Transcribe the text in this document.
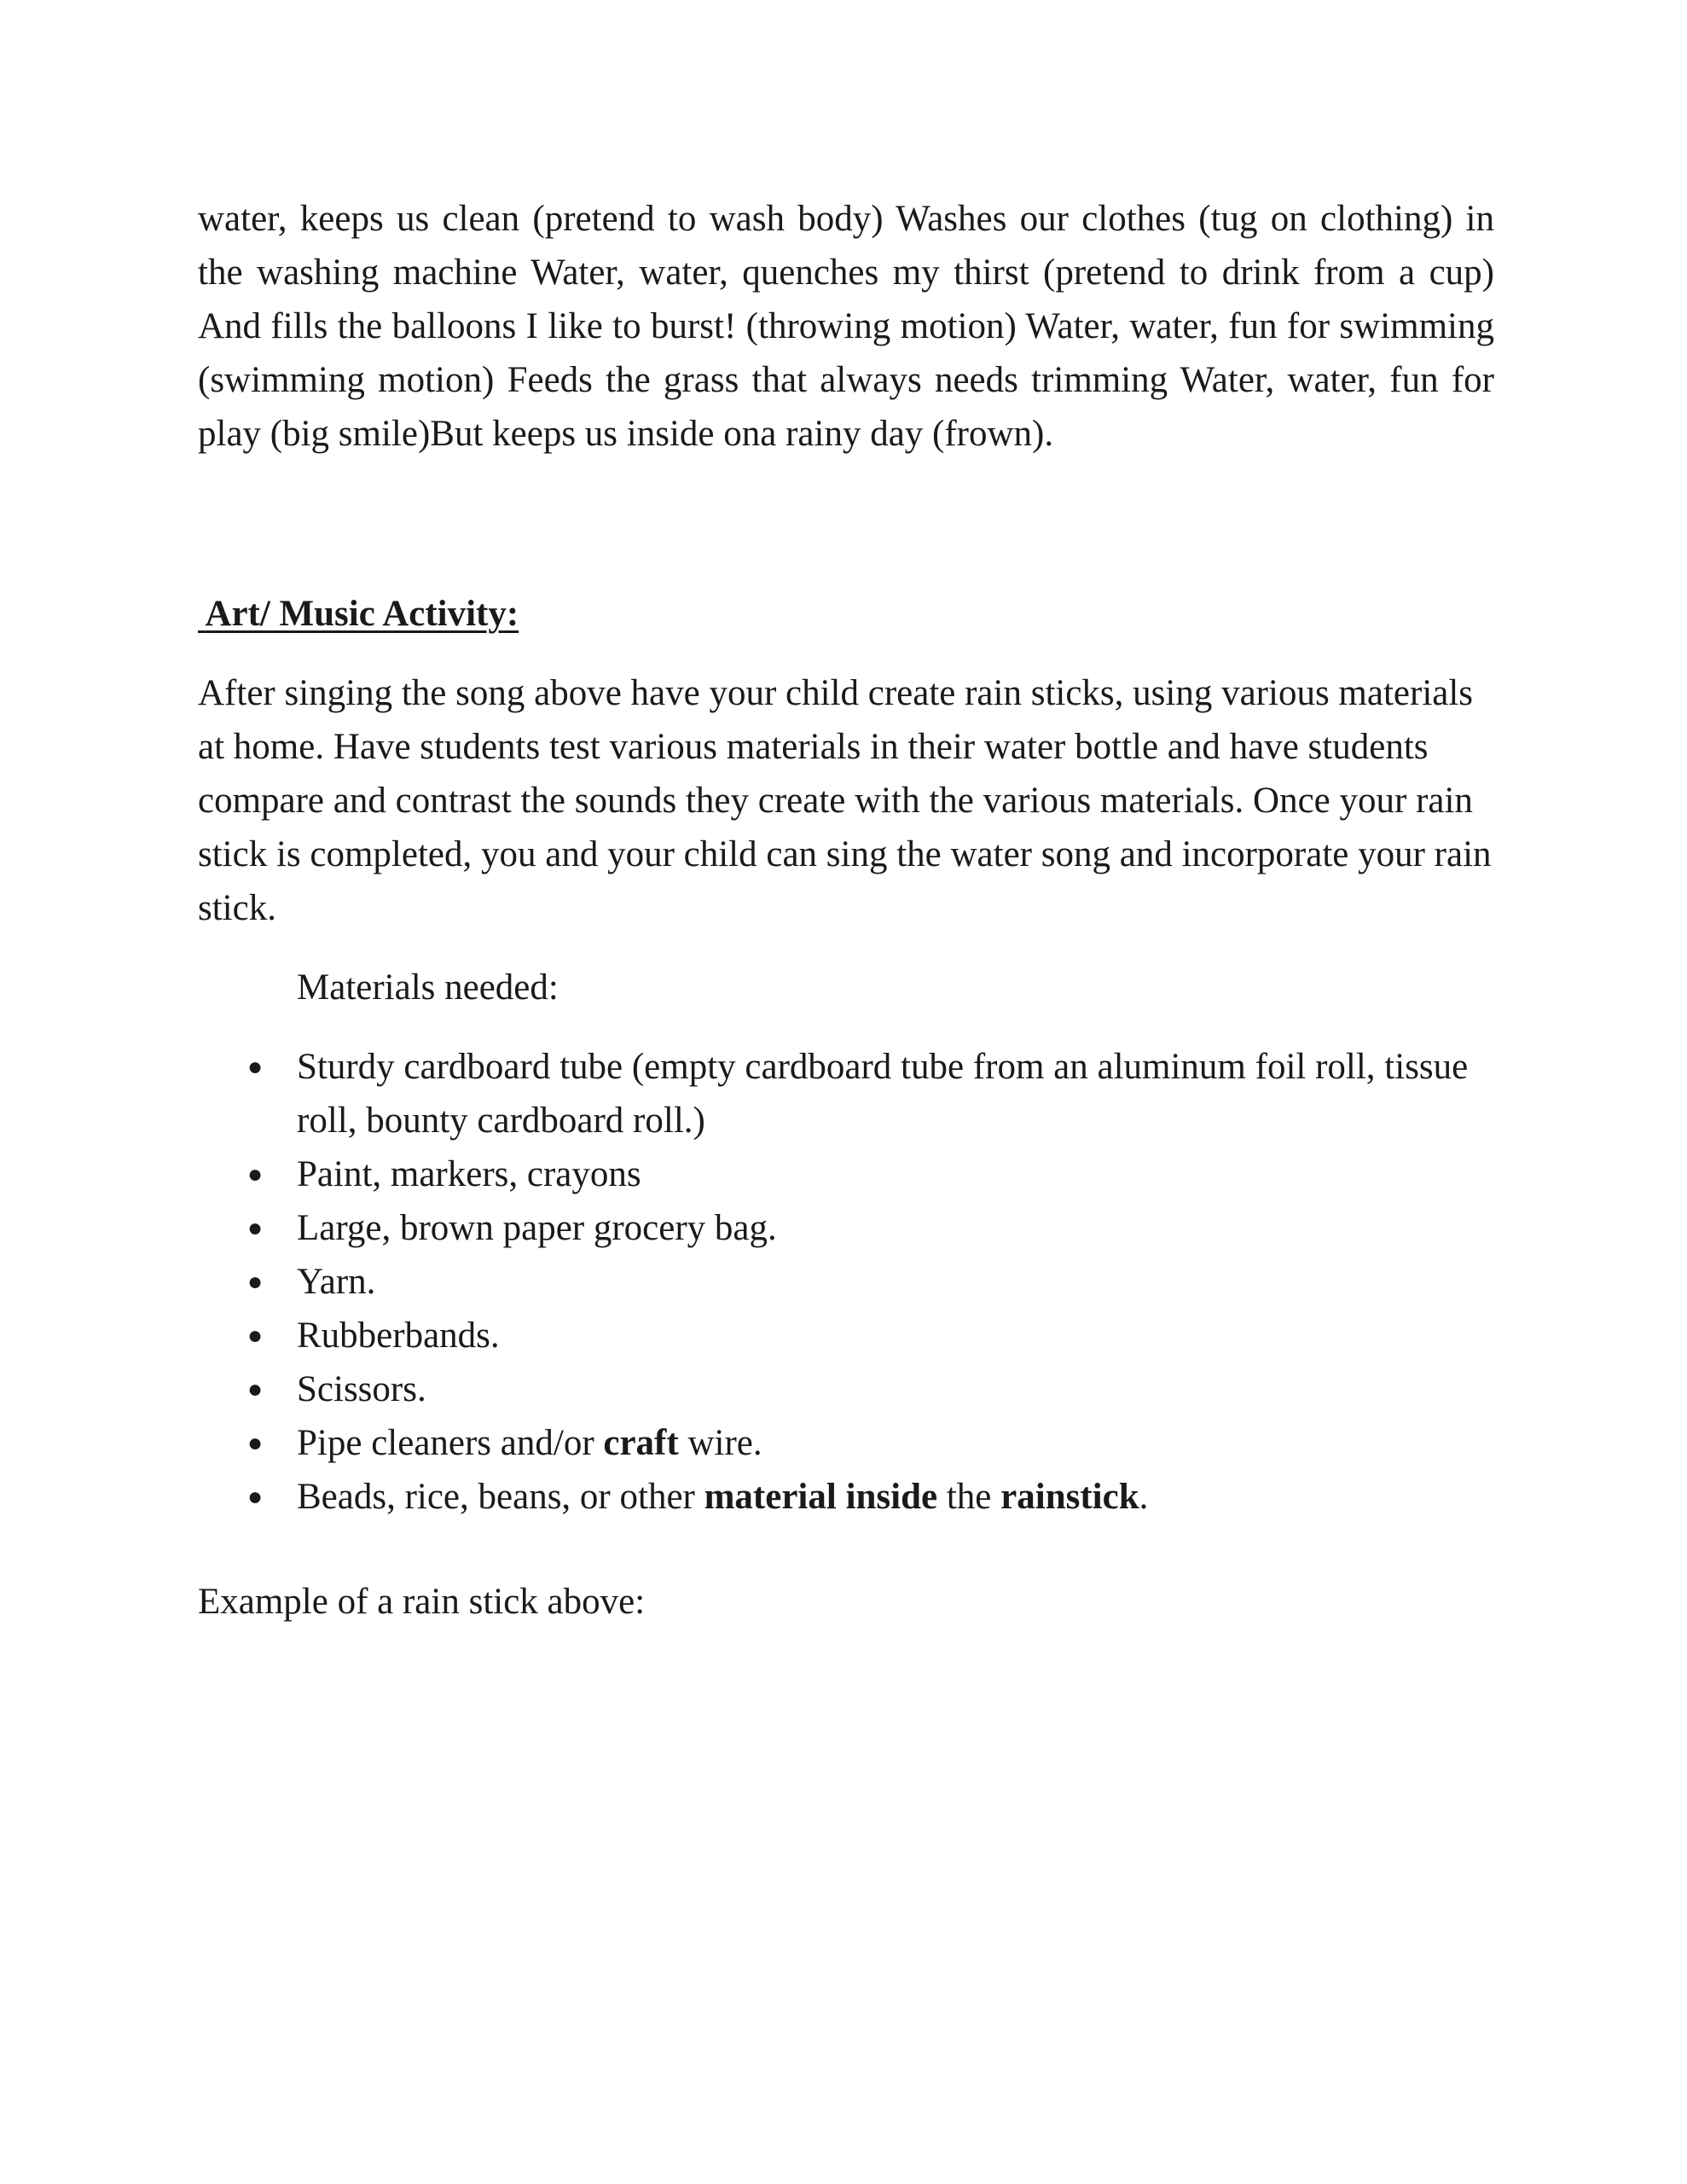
water, keeps us clean (pretend to wash body) Washes our clothes (tug on clothing) in the washing machine Water, water, quenches my thirst (pretend to drink from a cup) And fills the balloons I like to burst! (throwing motion) Water, water, fun for swimming (swimming motion) Feeds the grass that always needs trimming Water, water, fun for play (big smile)But keeps us inside ona rainy day (frown).

Art/ Music Activity:

After singing the song above have your child create rain sticks, using various materials at home. Have students test various materials in their water bottle and have students compare and contrast the sounds they create with the various materials. Once your rain stick is completed, you and your child can sing the water song and incorporate your rain stick.

Materials needed:

● Sturdy cardboard tube (empty cardboard tube from an aluminum foil roll, tissue roll, bounty cardboard roll.)
● Paint, markers, crayons
● Large, brown paper grocery bag.
● Yarn.
● Rubberbands.
● Scissors.
● Pipe cleaners and/or craft wire.
● Beads, rice, beans, or other material inside the rainstick.

Example of a rain stick above:
